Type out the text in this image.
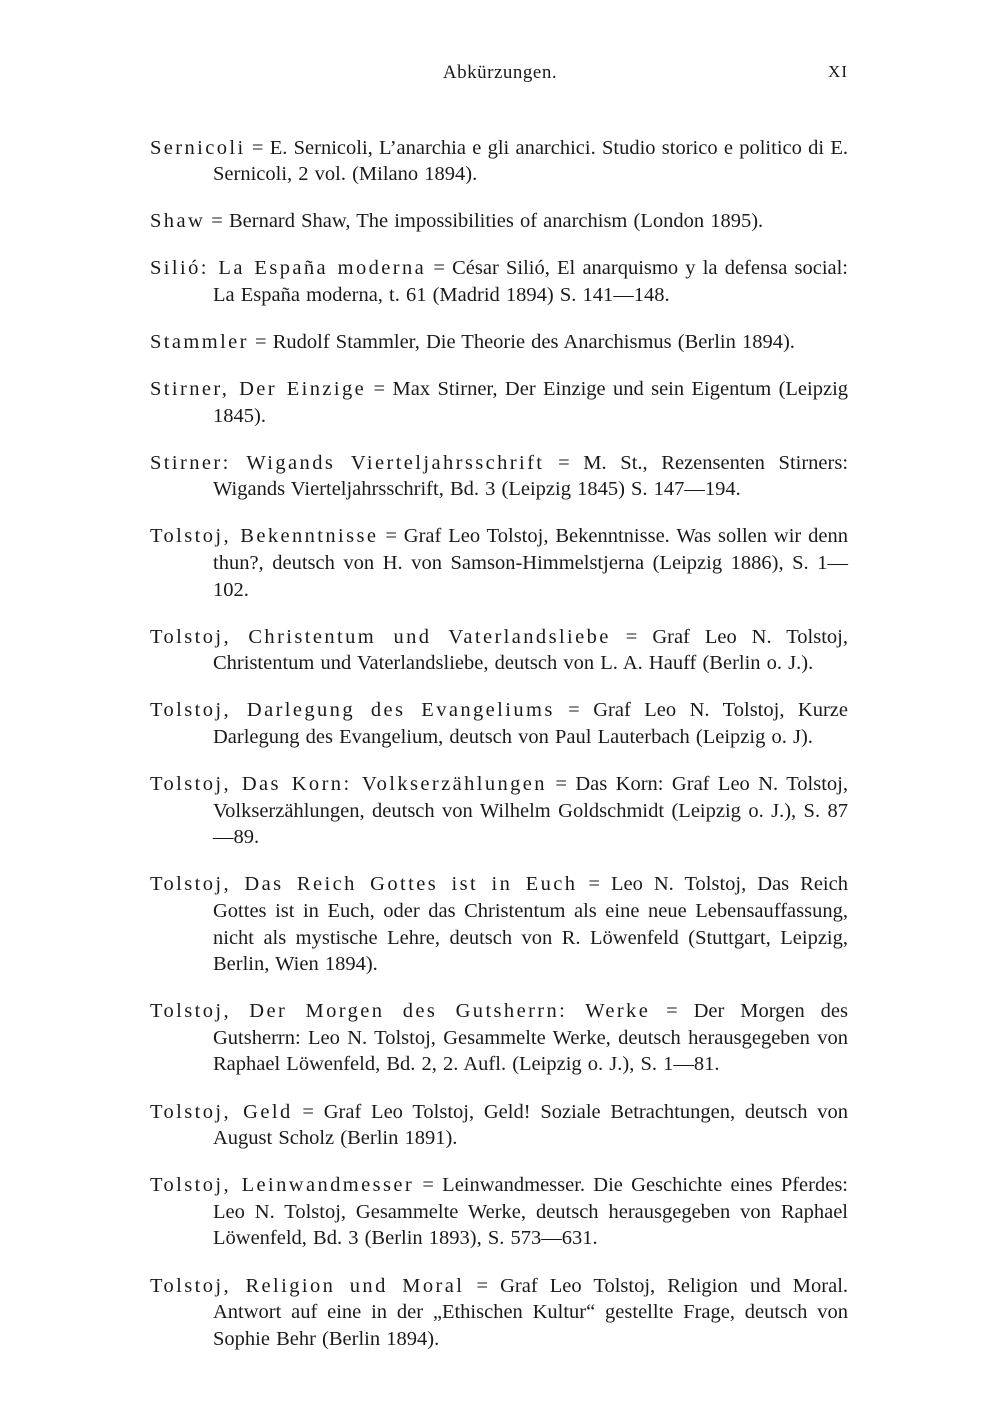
Abkürzungen.	XI

Sernicoli = E. Sernicoli, L’anarchia e gli anarchici. Studio storico e politico di E. Sernicoli, 2 vol. (Milano 1894).

Shaw = Bernard Shaw, The impossibilities of anarchism (London 1895).

Silió: La España moderna = César Silió, El anarquismo y la defensa social: La España moderna, t. 61 (Madrid 1894) S. 141—148.

Stammler = Rudolf Stammler, Die Theorie des Anarchismus (Berlin 1894).

Stirner, Der Einzige = Max Stirner, Der Einzige und sein Eigentum (Leipzig 1845).

Stirner: Wigands Vierteljahrsschrift = M. St., Rezensenten Stirners: Wigands Vierteljahrsschrift, Bd. 3 (Leipzig 1845) S. 147—194.

Tolstoj, Bekenntnisse = Graf Leo Tolstoj, Bekenntnisse. Was sollen wir denn thun?, deutsch von H. von Samson-Himmelstjerna (Leipzig 1886), S. 1—102.

Tolstoj, Christentum und Vaterlandsliebe = Graf Leo N. Tolstoj, Christentum und Vaterlandsliebe, deutsch von L. A. Hauff (Berlin o. J.).

Tolstoj, Darlegung des Evangeliums = Graf Leo N. Tolstoj, Kurze Darlegung des Evangelium, deutsch von Paul Lauterbach (Leipzig o. J).

Tolstoj, Das Korn: Volkserzählungen = Das Korn: Graf Leo N. Tolstoj, Volkserzählungen, deutsch von Wilhelm Goldschmidt (Leipzig o. J.), S. 87—89.

Tolstoj, Das Reich Gottes ist in Euch = Leo N. Tolstoj, Das Reich Gottes ist in Euch, oder das Christentum als eine neue Lebensauffassung, nicht als mystische Lehre, deutsch von R. Löwenfeld (Stuttgart, Leipzig, Berlin, Wien 1894).

Tolstoj, Der Morgen des Gutsherrn: Werke = Der Morgen des Gutsherrn: Leo N. Tolstoj, Gesammelte Werke, deutsch herausgegeben von Raphael Löwenfeld, Bd. 2, 2. Aufl. (Leipzig o. J.), S. 1—81.

Tolstoj, Geld = Graf Leo Tolstoj, Geld! Soziale Betrachtungen, deutsch von August Scholz (Berlin 1891).

Tolstoj, Leinwandmesser = Leinwandmesser. Die Geschichte eines Pferdes: Leo N. Tolstoj, Gesammelte Werke, deutsch herausgegeben von Raphael Löwenfeld, Bd. 3 (Berlin 1893), S. 573—631.

Tolstoj, Religion und Moral = Graf Leo Tolstoj, Religion und Moral. Antwort auf eine in der „Ethischen Kultur“ gestellte Frage, deutsch von Sophie Behr (Berlin 1894).
